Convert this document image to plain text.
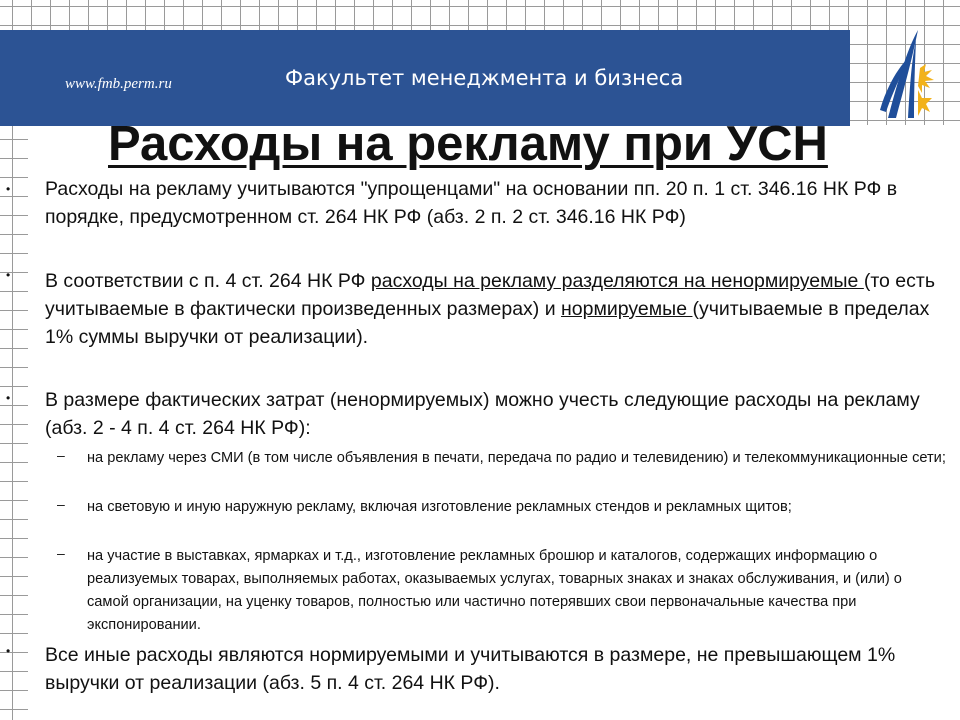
www.fmb.perm.ru	Факультет менеджмента и бизнеса
Расходы на рекламу при УСН
• Расходы на рекламу учитываются "упрощенцами" на основании пп. 20 п. 1 ст. 346.16 НК РФ в порядке, предусмотренном ст. 264 НК РФ (абз. 2 п. 2 ст. 346.16 НК РФ)
• В соответствии с п. 4 ст. 264 НК РФ расходы на рекламу разделяются на ненормируемые (то есть учитываемые в фактически произведенных размерах) и нормируемые (учитываемые в пределах 1% суммы выручки от реализации).
• В размере фактических затрат (ненормируемых) можно учесть следующие расходы на рекламу (абз. 2 - 4 п. 4 ст. 264 НК РФ):
– на рекламу через СМИ (в том числе объявления в печати, передача по радио и телевидению) и телекоммуникационные сети;
– на световую и иную наружную рекламу, включая изготовление рекламных стендов и рекламных щитов;
– на участие в выставках, ярмарках и т.д., изготовление рекламных брошюр и каталогов, содержащих информацию о реализуемых товарах, выполняемых работах, оказываемых услугах, товарных знаках и знаках обслуживания, и (или) о самой организации, на уценку товаров, полностью или частично потерявших свои первоначальные качества при экспонировании.
• Все иные расходы являются нормируемыми и учитываются в размере, не превышающем 1% выручки от реализации (абз. 5 п. 4 ст. 264 НК РФ).
